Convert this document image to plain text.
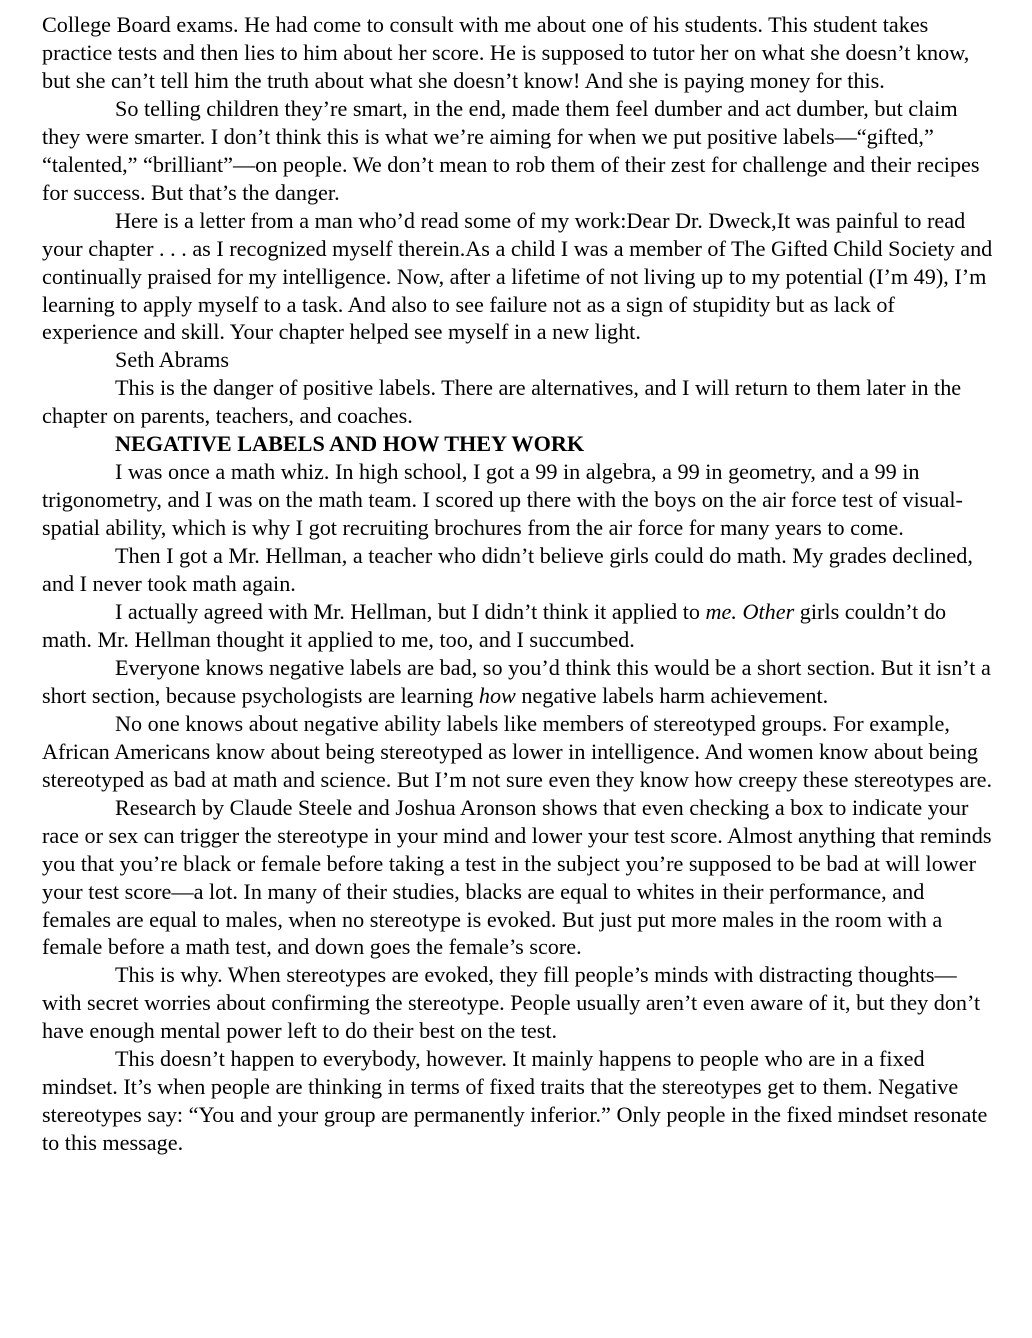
College Board exams. He had come to consult with me about one of his students. This student takes practice tests and then lies to him about her score. He is supposed to tutor her on what she doesn’t know, but she can’t tell him the truth about what she doesn’t know! And she is paying money for this.

So telling children they’re smart, in the end, made them feel dumber and act dumber, but claim they were smarter. I don’t think this is what we’re aiming for when we put positive labels—“gifted,” “talented,” “brilliant”—on people. We don’t mean to rob them of their zest for challenge and their recipes for success. But that’s the danger.

Here is a letter from a man who’d read some of my work:Dear Dr. Dweck,It was painful to read your chapter . . . as I recognized myself therein.As a child I was a member of The Gifted Child Society and continually praised for my intelligence. Now, after a lifetime of not living up to my potential (I’m 49), I’m learning to apply myself to a task. And also to see failure not as a sign of stupidity but as lack of experience and skill. Your chapter helped see myself in a new light.

Seth Abrams

This is the danger of positive labels. There are alternatives, and I will return to them later in the chapter on parents, teachers, and coaches.

NEGATIVE LABELS AND HOW THEY WORK

I was once a math whiz. In high school, I got a 99 in algebra, a 99 in geometry, and a 99 in trigonometry, and I was on the math team. I scored up there with the boys on the air force test of visual-spatial ability, which is why I got recruiting brochures from the air force for many years to come.

Then I got a Mr. Hellman, a teacher who didn’t believe girls could do math. My grades declined, and I never took math again.

I actually agreed with Mr. Hellman, but I didn’t think it applied to me. Other girls couldn’t do math. Mr. Hellman thought it applied to me, too, and I succumbed.

Everyone knows negative labels are bad, so you’d think this would be a short section. But it isn’t a short section, because psychologists are learning how negative labels harm achievement.

No one knows about negative ability labels like members of stereotyped groups. For example, African Americans know about being stereotyped as lower in intelligence. And women know about being stereotyped as bad at math and science. But I’m not sure even they know how creepy these stereotypes are.

Research by Claude Steele and Joshua Aronson shows that even checking a box to indicate your race or sex can trigger the stereotype in your mind and lower your test score. Almost anything that reminds you that you’re black or female before taking a test in the subject you’re supposed to be bad at will lower your test score—a lot. In many of their studies, blacks are equal to whites in their performance, and females are equal to males, when no stereotype is evoked. But just put more males in the room with a female before a math test, and down goes the female’s score.

This is why. When stereotypes are evoked, they fill people’s minds with distracting thoughts—with secret worries about confirming the stereotype. People usually aren’t even aware of it, but they don’t have enough mental power left to do their best on the test.

This doesn’t happen to everybody, however. It mainly happens to people who are in a fixed mindset. It’s when people are thinking in terms of fixed traits that the stereotypes get to them. Negative stereotypes say: “You and your group are permanently inferior.” Only people in the fixed mindset resonate to this message.
